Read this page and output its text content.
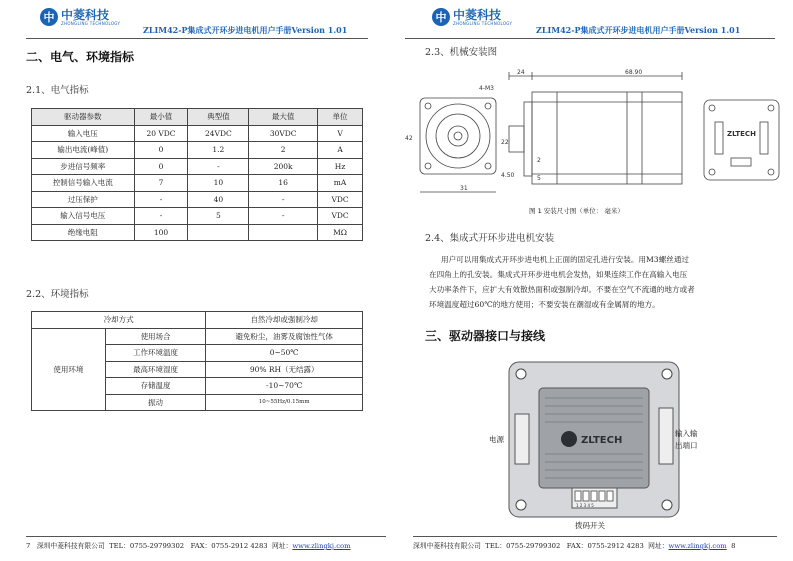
中 中菱科技
ZHONGLING TECHNOLOGY
ZLIM42-P集成式开环步进电机用户手册Version 1.01
二、电气、环境指标
2.1、电气指标
驱动器参数	最小值	典型值	最大值	单位
输入电压	20 VDC	24VDC	30VDC	V
输出电流(峰值)	0	1.2	2	A
步进信号频率	0	-	200k	Hz
控制信号输入电流	7	10	16	mA
过压保护	-	40	-	VDC
输入信号电压	-	5	-	VDC
绝缘电阻	100			MΩ
2.2、环境指标
冷却方式		自然冷却或强制冷却
使用环境	使用场合	避免粉尘，油雾及腐蚀性气体
	工作环境温度	0~50℃
	最高环境湿度	90% RH（无结露）
	存储温度	-10~70℃
	振动	10~55Hz/0.15mm
7 深圳中菱科技有限公司 TEL：0755-29799302 FAX：0755-2912 4283 网址：www.zlingkj.com
中 中菱科技
ZHONGLING TECHNOLOGY
ZLIM42-P集成式开环步进电机用户手册Version 1.01
2.3、机械安装图
31
42
4-M3
24	68.90
22
4.50
2
5
ZLTECH
图 1 安装尺寸图（单位： 毫米）
2.4、集成式开环步进电机安装
用户可以用集成式开环步进电机上正面的固定孔进行安装。用M3螺丝通过
在四角上的孔安装。集成式开环步进电机会发热，如果连续工作在高输入电压
大功率条件下，应扩大有效散热面积或强制冷却。不要在空气不流通的地方或者
环境温度超过60℃的地方使用；不要安装在潮湿或有金属屑的地方。
三、驱动器接口与接线
ZLTECH
1 2 3 4 5
电源
输入输
出端口
拨码开关
深圳中菱科技有限公司 TEL：0755-29799302 FAX：0755-2912 4283 网址：www.zlingkj.com 8
